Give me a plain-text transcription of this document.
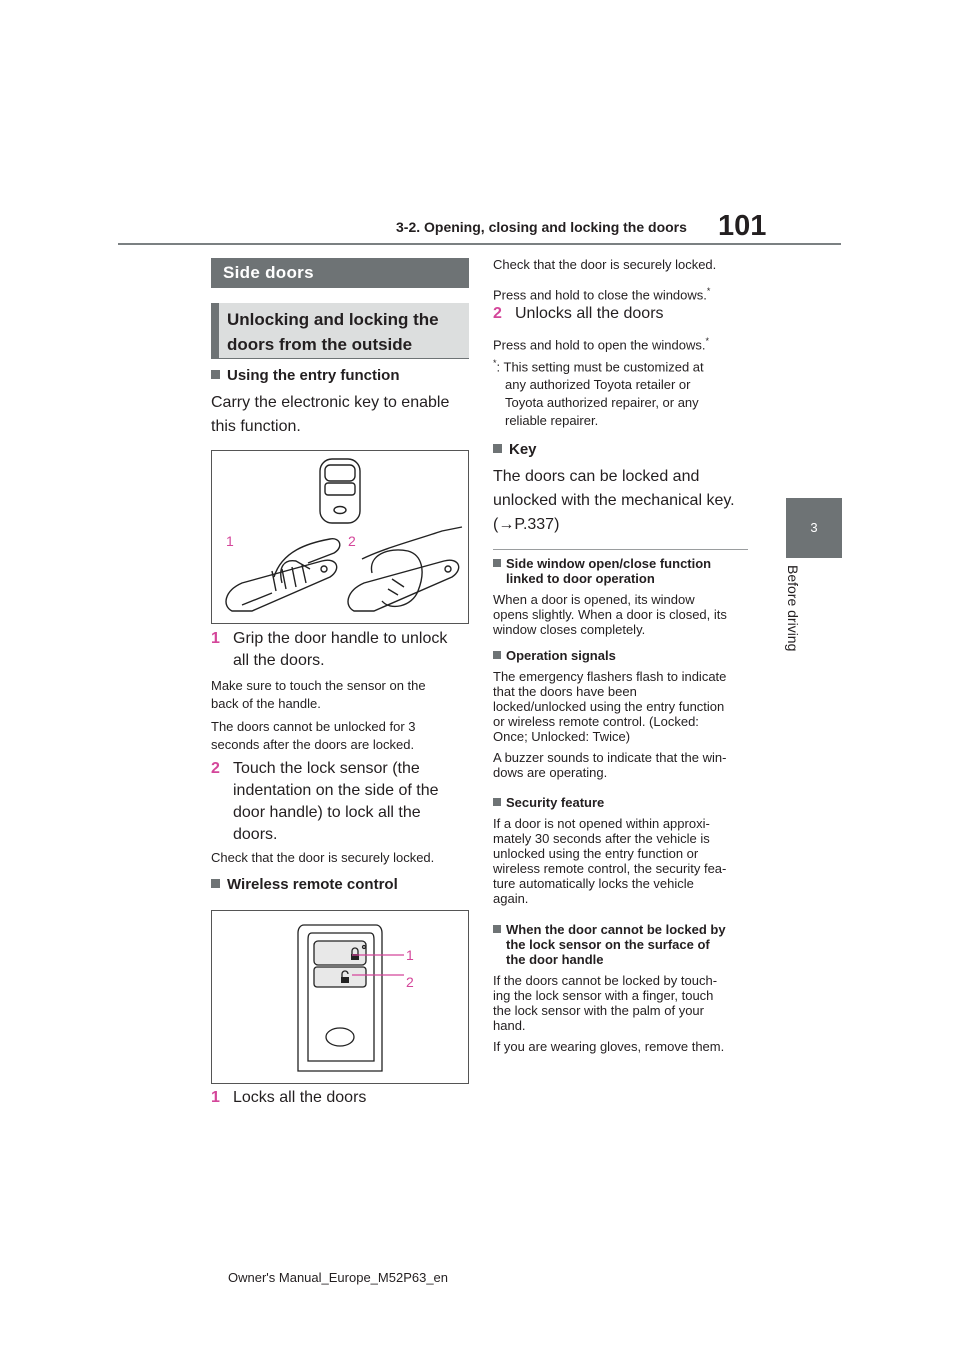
3-2. Opening, closing and locking the doors 101
3
Before driving
Side doors
Unlocking and locking the
doors from the outside
Using the entry function
Carry the electronic key to enable
this function.
1	2
1 Grip the door handle to unlock
all the doors.
Make sure to touch the sensor on the
back of the handle.
The doors cannot be unlocked for 3
seconds after the doors are locked.
2 Touch the lock sensor (the
indentation on the side of the
door handle) to lock all the
doors.
Check that the door is securely locked.
Wireless remote control
1
2
1 Locks all the doors
Check that the door is securely locked.
Press and hold to close the windows.*
2 Unlocks all the doors
Press and hold to open the windows.*
*: This setting must be customized at
any authorized Toyota retailer or
Toyota authorized repairer, or any
reliable repairer.
Key
The doors can be locked and
unlocked with the mechanical key.
(→P.337)
Side window open/close function
linked to door operation
When a door is opened, its window
opens slightly. When a door is closed, its
window closes completely.
Operation signals
The emergency flashers flash to indicate
that the doors have been
locked/unlocked using the entry function
or wireless remote control. (Locked:
Once; Unlocked: Twice)
A buzzer sounds to indicate that the win-
dows are operating.
Security feature
If a door is not opened within approxi-
mately 30 seconds after the vehicle is
unlocked using the entry function or
wireless remote control, the security fea-
ture automatically locks the vehicle
again.
When the door cannot be locked by
the lock sensor on the surface of
the door handle
If the doors cannot be locked by touch-
ing the lock sensor with a finger, touch
the lock sensor with the palm of your
hand.
If you are wearing gloves, remove them.
Owner's Manual_Europe_M52P63_en
